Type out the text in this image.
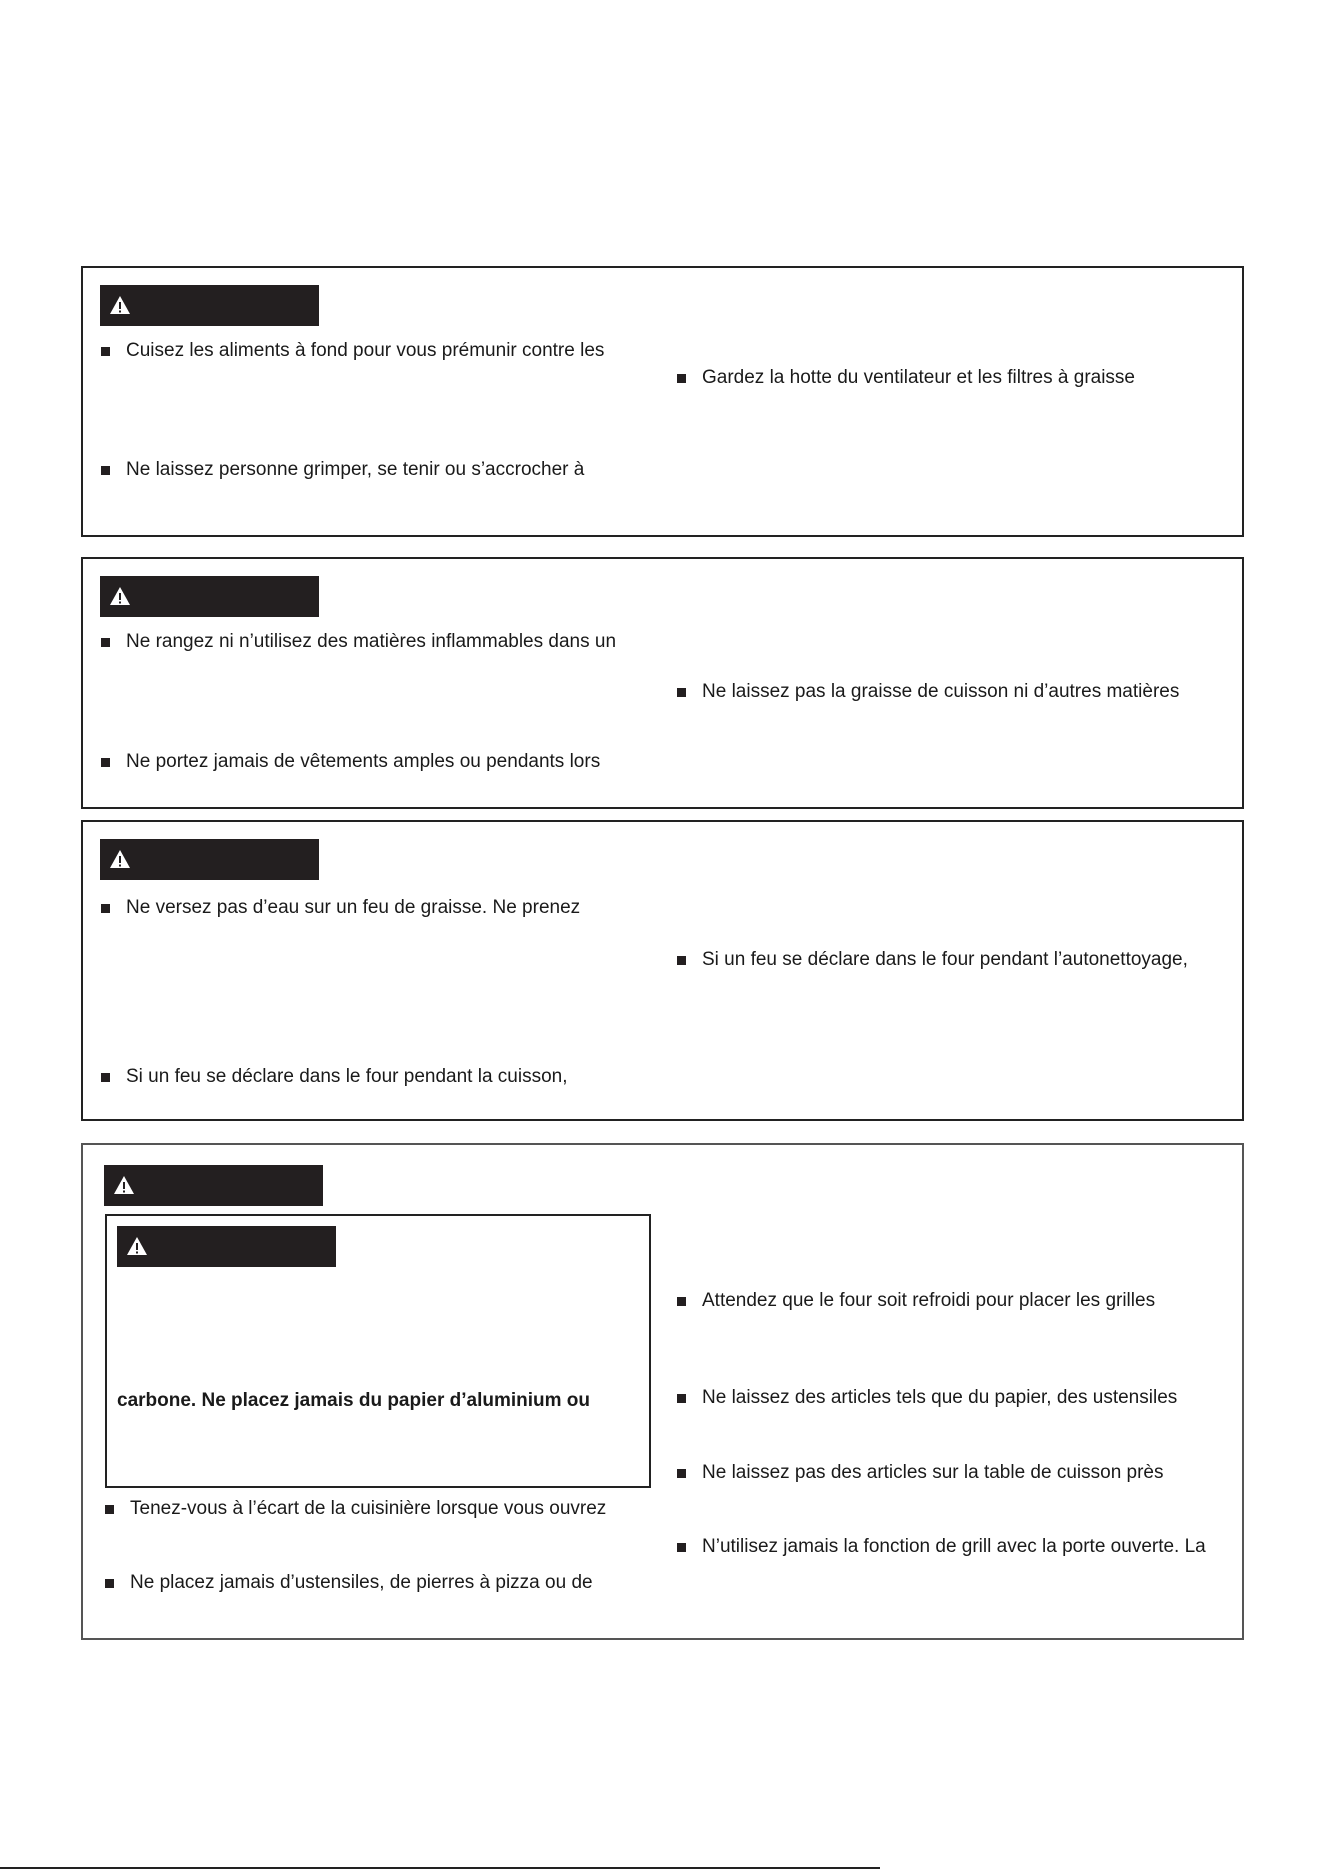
Cuisez les aliments à fond pour vous prémunir contre les
Ne laissez personne grimper, se tenir ou s’accrocher à
Gardez la hotte du ventilateur et les filtres à graisse
Ne rangez ni n’utilisez des matières inflammables dans un
Ne portez jamais de vêtements amples ou pendants lors
Ne laissez pas la graisse de cuisson ni d’autres matières
Ne versez pas d’eau sur un feu de graisse. Ne prenez
Si un feu se déclare dans le four pendant la cuisson,
Si un feu se déclare dans le four pendant l’autonettoyage,
carbone. Ne placez jamais du papier d’aluminium ou
Tenez-vous à l’écart de la cuisinière lorsque vous ouvrez
Ne placez jamais d’ustensiles, de pierres à pizza ou de
Attendez que le four soit refroidi pour placer les grilles
Ne laissez des articles tels que du papier, des ustensiles
Ne laissez pas des articles sur la table de cuisson près
N’utilisez jamais la fonction de grill avec la porte ouverte. La
